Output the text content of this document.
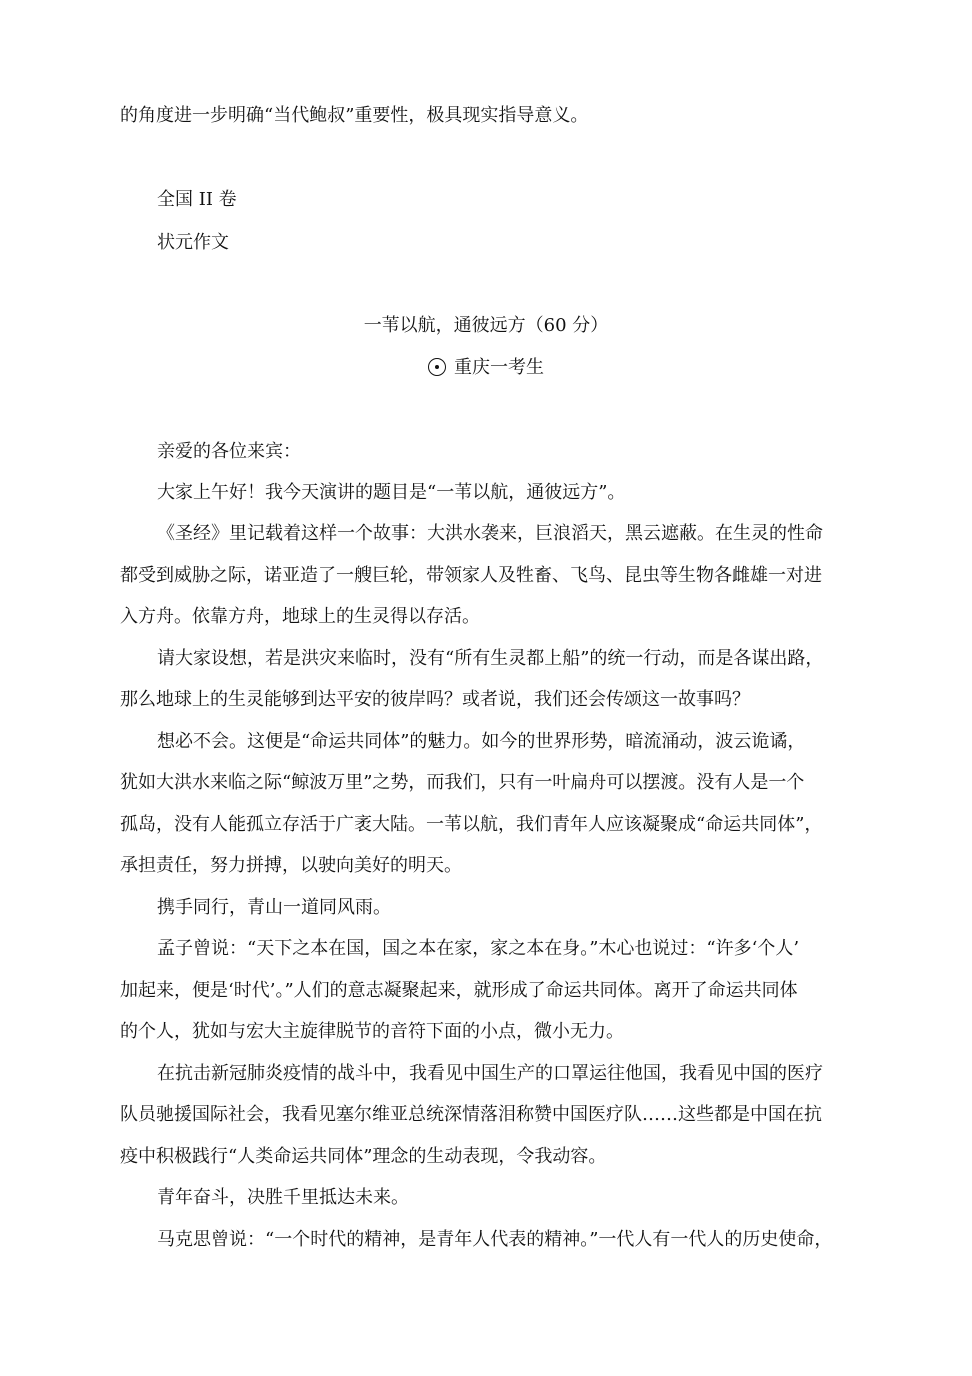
的角度进一步明确“当代鲍叔”重要性，极具现实指导意义。
全国 II 卷
状元作文
一苇以航，通彼远方（60 分）
重庆一考生
亲爱的各位来宾：
大家上午好！我今天演讲的题目是“一苇以航，通彼远方”。
《圣经》里记载着这样一个故事：大洪水袭来，巨浪滔天，黑云遮蔽。在生灵的性命
都受到威胁之际，诺亚造了一艘巨轮，带领家人及牲畜、飞鸟、昆虫等生物各雌雄一对进
入方舟。依靠方舟，地球上的生灵得以存活。
请大家设想，若是洪灾来临时，没有“所有生灵都上船”的统一行动，而是各谋出路，
那么地球上的生灵能够到达平安的彼岸吗？或者说，我们还会传颂这一故事吗？
想必不会。这便是“命运共同体”的魅力。如今的世界形势，暗流涌动，波云诡谲，
犹如大洪水来临之际“鲸波万里”之势，而我们，只有一叶扁舟可以摆渡。没有人是一个
孤岛，没有人能孤立存活于广袤大陆。一苇以航，我们青年人应该凝聚成“命运共同体”，
承担责任，努力拼搏，以驶向美好的明天。
携手同行，青山一道同风雨。
孟子曾说：“天下之本在国，国之本在家，家之本在身。”木心也说过：“许多‘个人’
加起来，便是‘时代’。”人们的意志凝聚起来，就形成了命运共同体。离开了命运共同体
的个人，犹如与宏大主旋律脱节的音符下面的小点，微小无力。
在抗击新冠肺炎疫情的战斗中，我看见中国生产的口罩运往他国，我看见中国的医疗
队员驰援国际社会，我看见塞尔维亚总统深情落泪称赞中国医疗队……这些都是中国在抗
疫中积极践行“人类命运共同体”理念的生动表现，令我动容。
青年奋斗，决胜千里抵达未来。
马克思曾说：“一个时代的精神，是青年人代表的精神。”一代人有一代人的历史使命，
